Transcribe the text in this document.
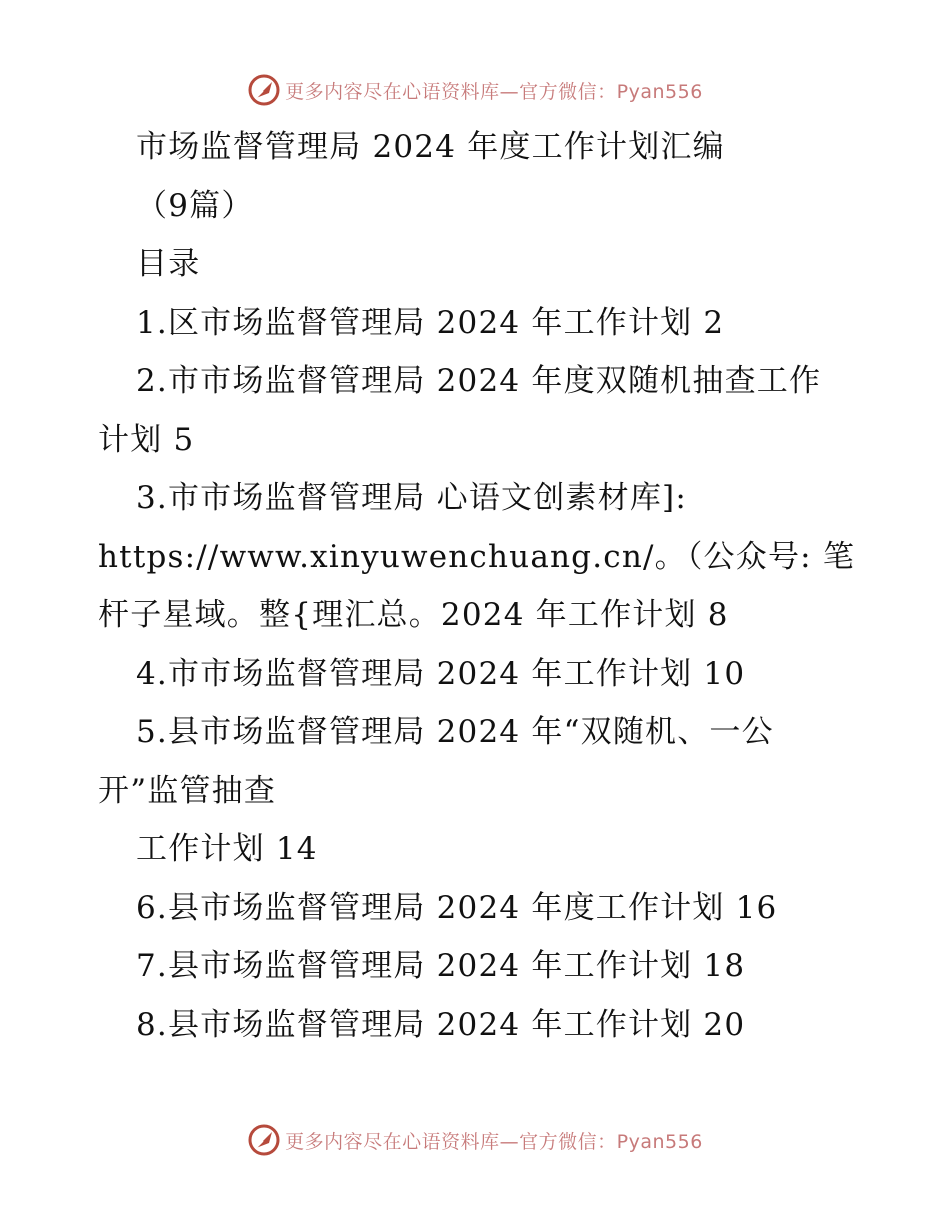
更多内容尽在心语资料库—官方微信：Pyan556

市场监督管理局 2024 年度工作计划汇编

（9篇）

目录

1.区市场监督管理局 2024 年工作计划 2

2.市市场监督管理局 2024 年度双随机抽查工作

计划 5

3.市市场监督管理局 心语文创素材库]:

https://www.xinyuwenchuang.cn/。（公众号: 笔

杆子星域。整{理汇总。2024 年工作计划 8

4.市市场监督管理局 2024 年工作计划 10

5.县市场监督管理局 2024 年“双随机、一公

开”监管抽查

工作计划 14

6.县市场监督管理局 2024 年度工作计划 16

7.县市场监督管理局 2024 年工作计划 18

8.县市场监督管理局 2024 年工作计划 20

更多内容尽在心语资料库—官方微信：Pyan556
